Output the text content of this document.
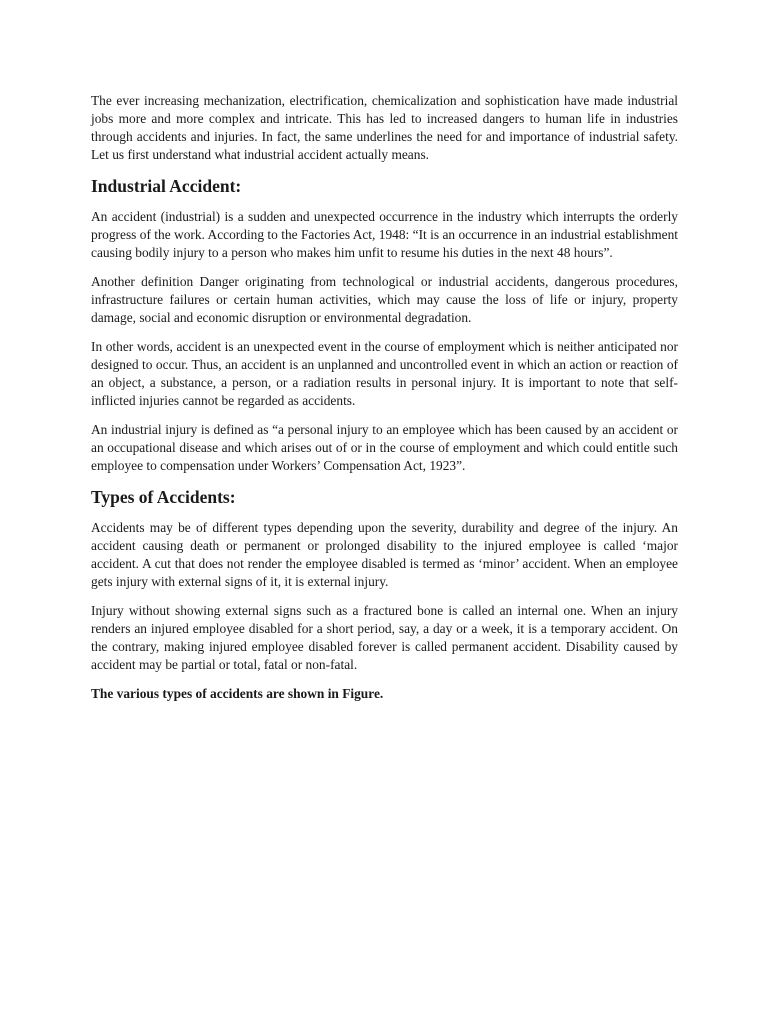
The ever increasing mechanization, electrification, chemicalization and sophistication have made industrial jobs more and more complex and intricate. This has led to increased dangers to human life in industries through accidents and injuries. In fact, the same underlines the need for and importance of industrial safety. Let us first understand what industrial accident actually means.

Industrial Accident:

An accident (industrial) is a sudden and unexpected occurrence in the industry which interrupts the orderly progress of the work. According to the Factories Act, 1948: “It is an occurrence in an industrial establishment causing bodily injury to a person who makes him unfit to resume his duties in the next 48 hours”.

Another definition Danger originating from technological or industrial accidents, dangerous procedures, infrastructure failures or certain human activities, which may cause the loss of life or injury, property damage, social and economic disruption or environmental degradation.

In other words, accident is an unexpected event in the course of employment which is neither anticipated nor designed to occur. Thus, an accident is an unplanned and uncontrolled event in which an action or reaction of an object, a substance, a person, or a radiation results in personal injury. It is important to note that self-inflicted injuries cannot be regarded as accidents.

An industrial injury is defined as “a personal injury to an employee which has been caused by an accident or an occupational disease and which arises out of or in the course of employment and which could entitle such employee to compensation under Workers’ Compensation Act, 1923”.

Types of Accidents:

Accidents may be of different types depending upon the severity, durability and degree of the injury. An accident causing death or permanent or prolonged disability to the injured employee is called ‘major accident. A cut that does not render the employee disabled is termed as ‘minor’ accident. When an employee gets injury with external signs of it, it is external injury.

Injury without showing external signs such as a fractured bone is called an internal one. When an injury renders an injured employee disabled for a short period, say, a day or a week, it is a temporary accident. On the contrary, making injured employee disabled forever is called permanent accident. Disability caused by accident may be partial or total, fatal or non-fatal.

The various types of accidents are shown in Figure.
